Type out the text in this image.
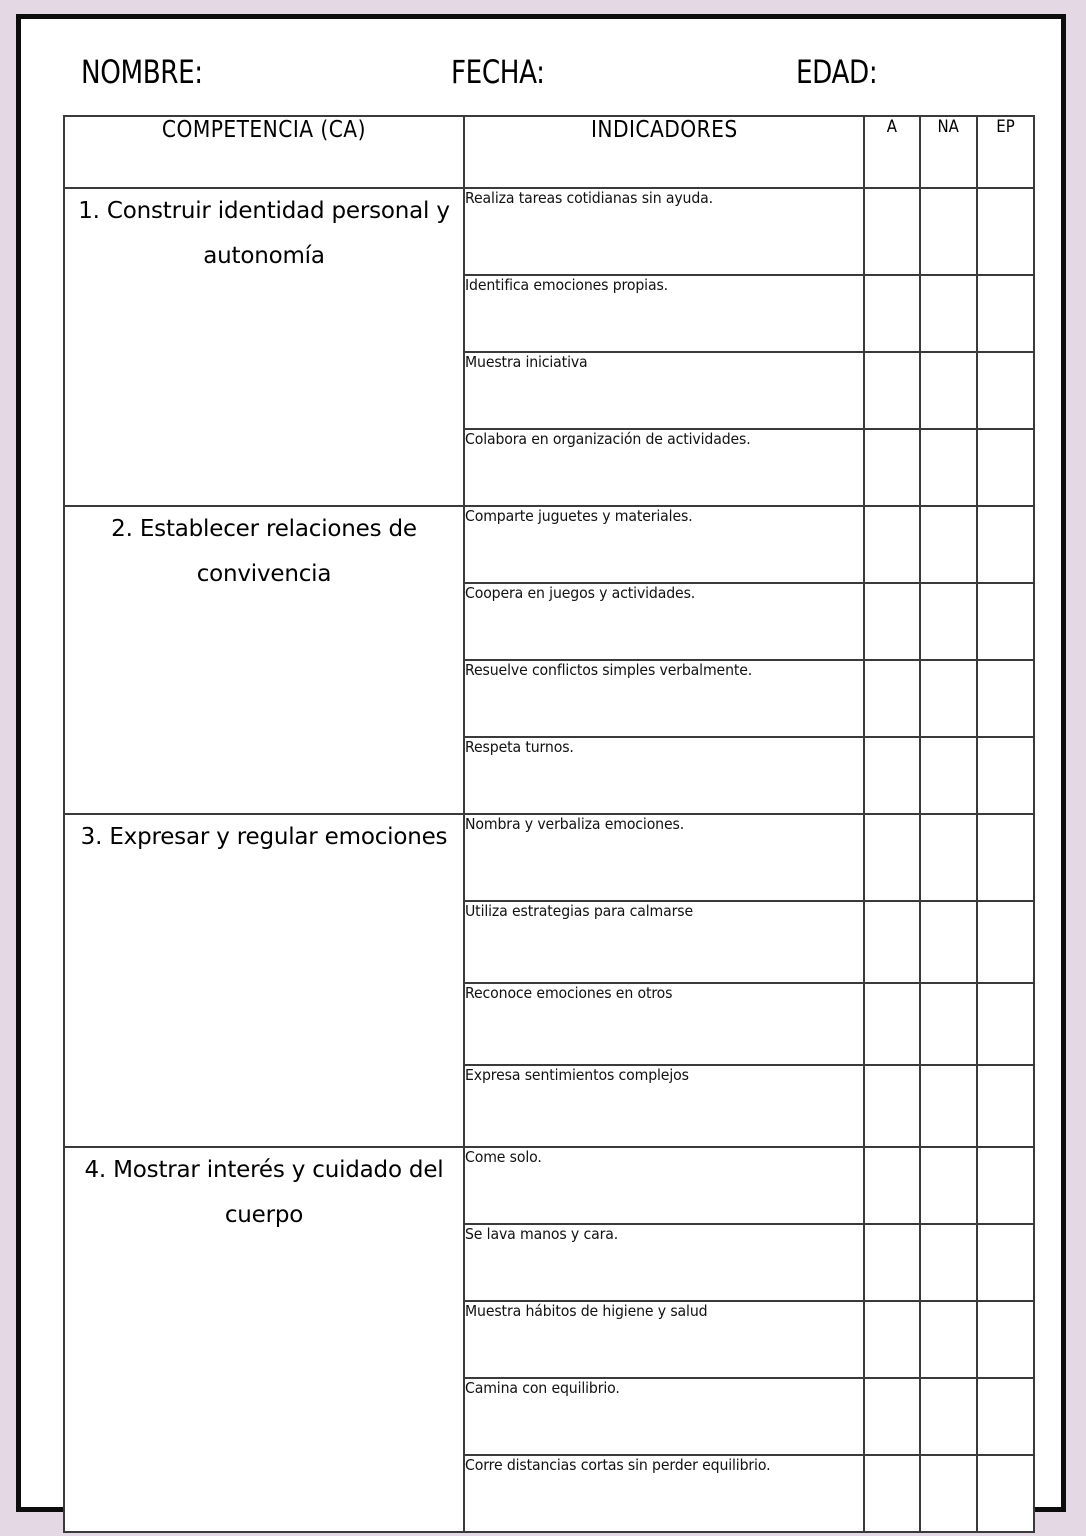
NOMBRE:	FECHA:	EDAD:
COMPETENCIA (CA)	INDICADORES	A	NA	EP

1. Construir identidad personal y autonomía	Realiza tareas cotidianas sin ayuda.			

	Identifica emociones propias.			

	Muestra iniciativa			

	Colabora en organización de actividades.			

2. Establecer relaciones de convivencia	Comparte juguetes y materiales.			

	Coopera en juegos y actividades.			

	Resuelve conflictos simples verbalmente.			

	Respeta turnos.			

3. Expresar y regular emociones	Nombra y verbaliza emociones.			

	Utiliza estrategias para calmarse			

	Reconoce emociones en otros			

	Expresa sentimientos complejos			

4. Mostrar interés y cuidado del cuerpo	Come solo.			

	Se lava manos y cara.			

	Muestra hábitos de higiene y salud			

	Camina con equilibrio.			

	Corre distancias cortas sin perder equilibrio.			
